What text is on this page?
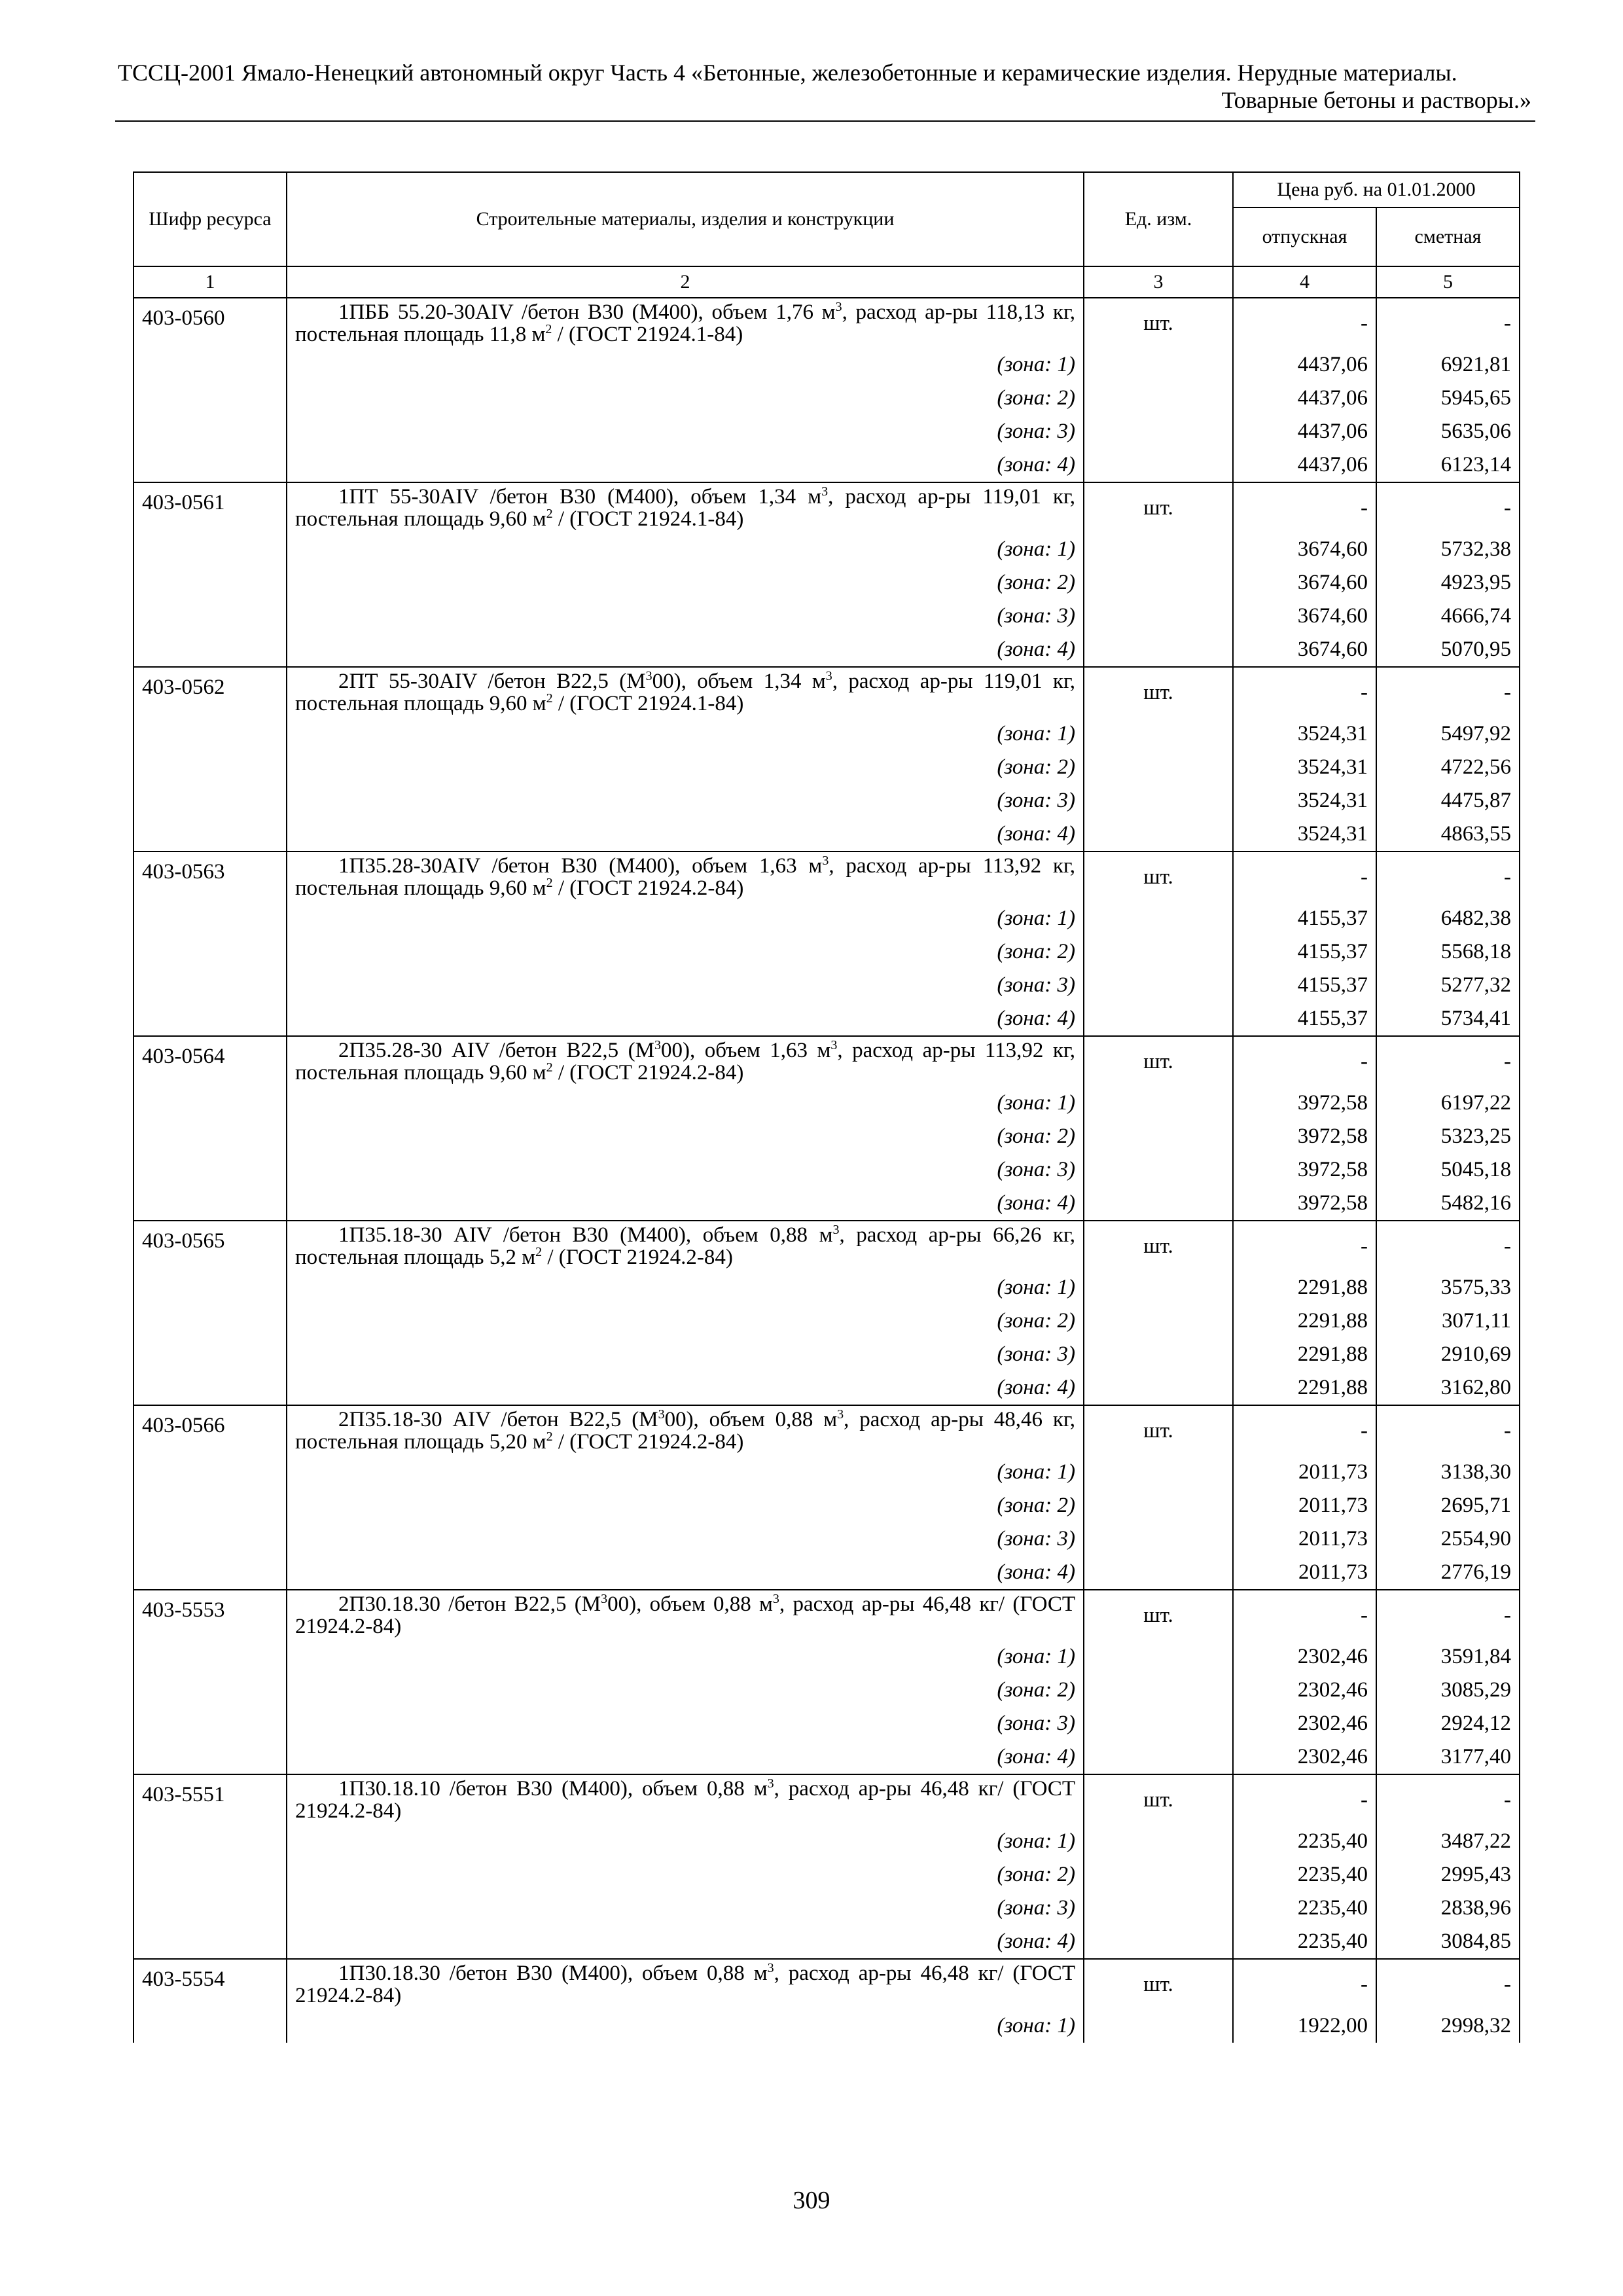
ТССЦ-2001 Ямало-Ненецкий автономный округ Часть 4 «Бетонные, железобетонные и керамические изделия. Нерудные материалы.
Товарные бетоны и растворы.»
Шифр ресурса	Строительные материалы, изделия и конструкции	Ед. изм.	Цена руб. на 01.01.2000	
			отпускная	сметная
1	2	3	4	5
403-0560	1ПББ 55.20-30AIV /бетон В30 (М400), объем 1,76 $м^3$, расход ар-ры 118,13 кг, постельная площадь 11,8 $м^2$ / (ГОСТ 21924.1-84)	шт.	-	-
	(зона: 1)		4437,06	6921,81
	(зона: 2)		4437,06	5945,65
	(зона: 3)		4437,06	5635,06
	(зона: 4)		4437,06	6123,14
403-0561	1ПТ 55-30AIV /бетон В30 (М400), объем 1,34 $м^3$, расход ар-ры 119,01 кг, постельная площадь 9,60 $м^2$ / (ГОСТ 21924.1-84)	шт.	-	-
	(зона: 1)		3674,60	5732,38
	(зона: 2)		3674,60	4923,95
	(зона: 3)		3674,60	4666,74
	(зона: 4)		3674,60	5070,95
403-0562	2ПТ 55-30AIV /бетон В22,5 $(М^300)$, объем 1,34 $м^3$, расход ар-ры 119,01 кг, постельная площадь 9,60 $м^2$ / (ГОСТ 21924.1-84)	шт.	-	-
	(зона: 1)		3524,31	5497,92
	(зона: 2)		3524,31	4722,56
	(зона: 3)		3524,31	4475,87
	(зона: 4)		3524,31	4863,55
403-0563	1П35.28-30AIV /бетон В30 (М400), объем 1,63 $м^3$, расход ар-ры 113,92 кг, постельная площадь 9,60 $м^2$ / (ГОСТ 21924.2-84)	шт.	-	-
	(зона: 1)		4155,37	6482,38
	(зона: 2)		4155,37	5568,18
	(зона: 3)		4155,37	5277,32
	(зона: 4)		4155,37	5734,41
403-0564	2П35.28-30 AIV /бетон В22,5 $(М^300)$, объем 1,63 $м^3$, расход ар-ры 113,92 кг, постельная площадь 9,60 $м^2$ / (ГОСТ 21924.2-84)	шт.	-	-
	(зона: 1)		3972,58	6197,22
	(зона: 2)		3972,58	5323,25
	(зона: 3)		3972,58	5045,18
	(зона: 4)		3972,58	5482,16
403-0565	1П35.18-30 AIV /бетон В30 (М400), объем 0,88 $м^3$, расход ар-ры 66,26 кг, постельная площадь 5,2 $м^2$ / (ГОСТ 21924.2-84)	шт.	-	-
	(зона: 1)		2291,88	3575,33
	(зона: 2)		2291,88	3071,11
	(зона: 3)		2291,88	2910,69
	(зона: 4)		2291,88	3162,80
403-0566	2П35.18-30 AIV /бетон В22,5 $(М^300)$, объем 0,88 $м^3$, расход ар-ры 48,46 кг, постельная площадь 5,20 $м^2$ / (ГОСТ 21924.2-84)	шт.	-	-
	(зона: 1)		2011,73	3138,30
	(зона: 2)		2011,73	2695,71
	(зона: 3)		2011,73	2554,90
	(зона: 4)		2011,73	2776,19
403-5553	2П30.18.30 /бетон В22,5 $(М^300)$, объем 0,88 $м^3$, расход ар-ры 46,48 кг/ (ГОСТ 21924.2-84)	шт.	-	-
	(зона: 1)		2302,46	3591,84
	(зона: 2)		2302,46	3085,29
	(зона: 3)		2302,46	2924,12
	(зона: 4)		2302,46	3177,40
403-5551	1П30.18.10 /бетон В30 (М400), объем 0,88 $м^3$, расход ар-ры 46,48 кг/ (ГОСТ 21924.2-84)	шт.	-	-
	(зона: 1)		2235,40	3487,22
	(зона: 2)		2235,40	2995,43
	(зона: 3)		2235,40	2838,96
	(зона: 4)		2235,40	3084,85
403-5554	1П30.18.30 /бетон В30 (М400), объем 0,88 $м^3$, расход ар-ры 46,48 кг/ (ГОСТ 21924.2-84)	шт.	-	-
	(зона: 1)		1922,00	2998,32
309
